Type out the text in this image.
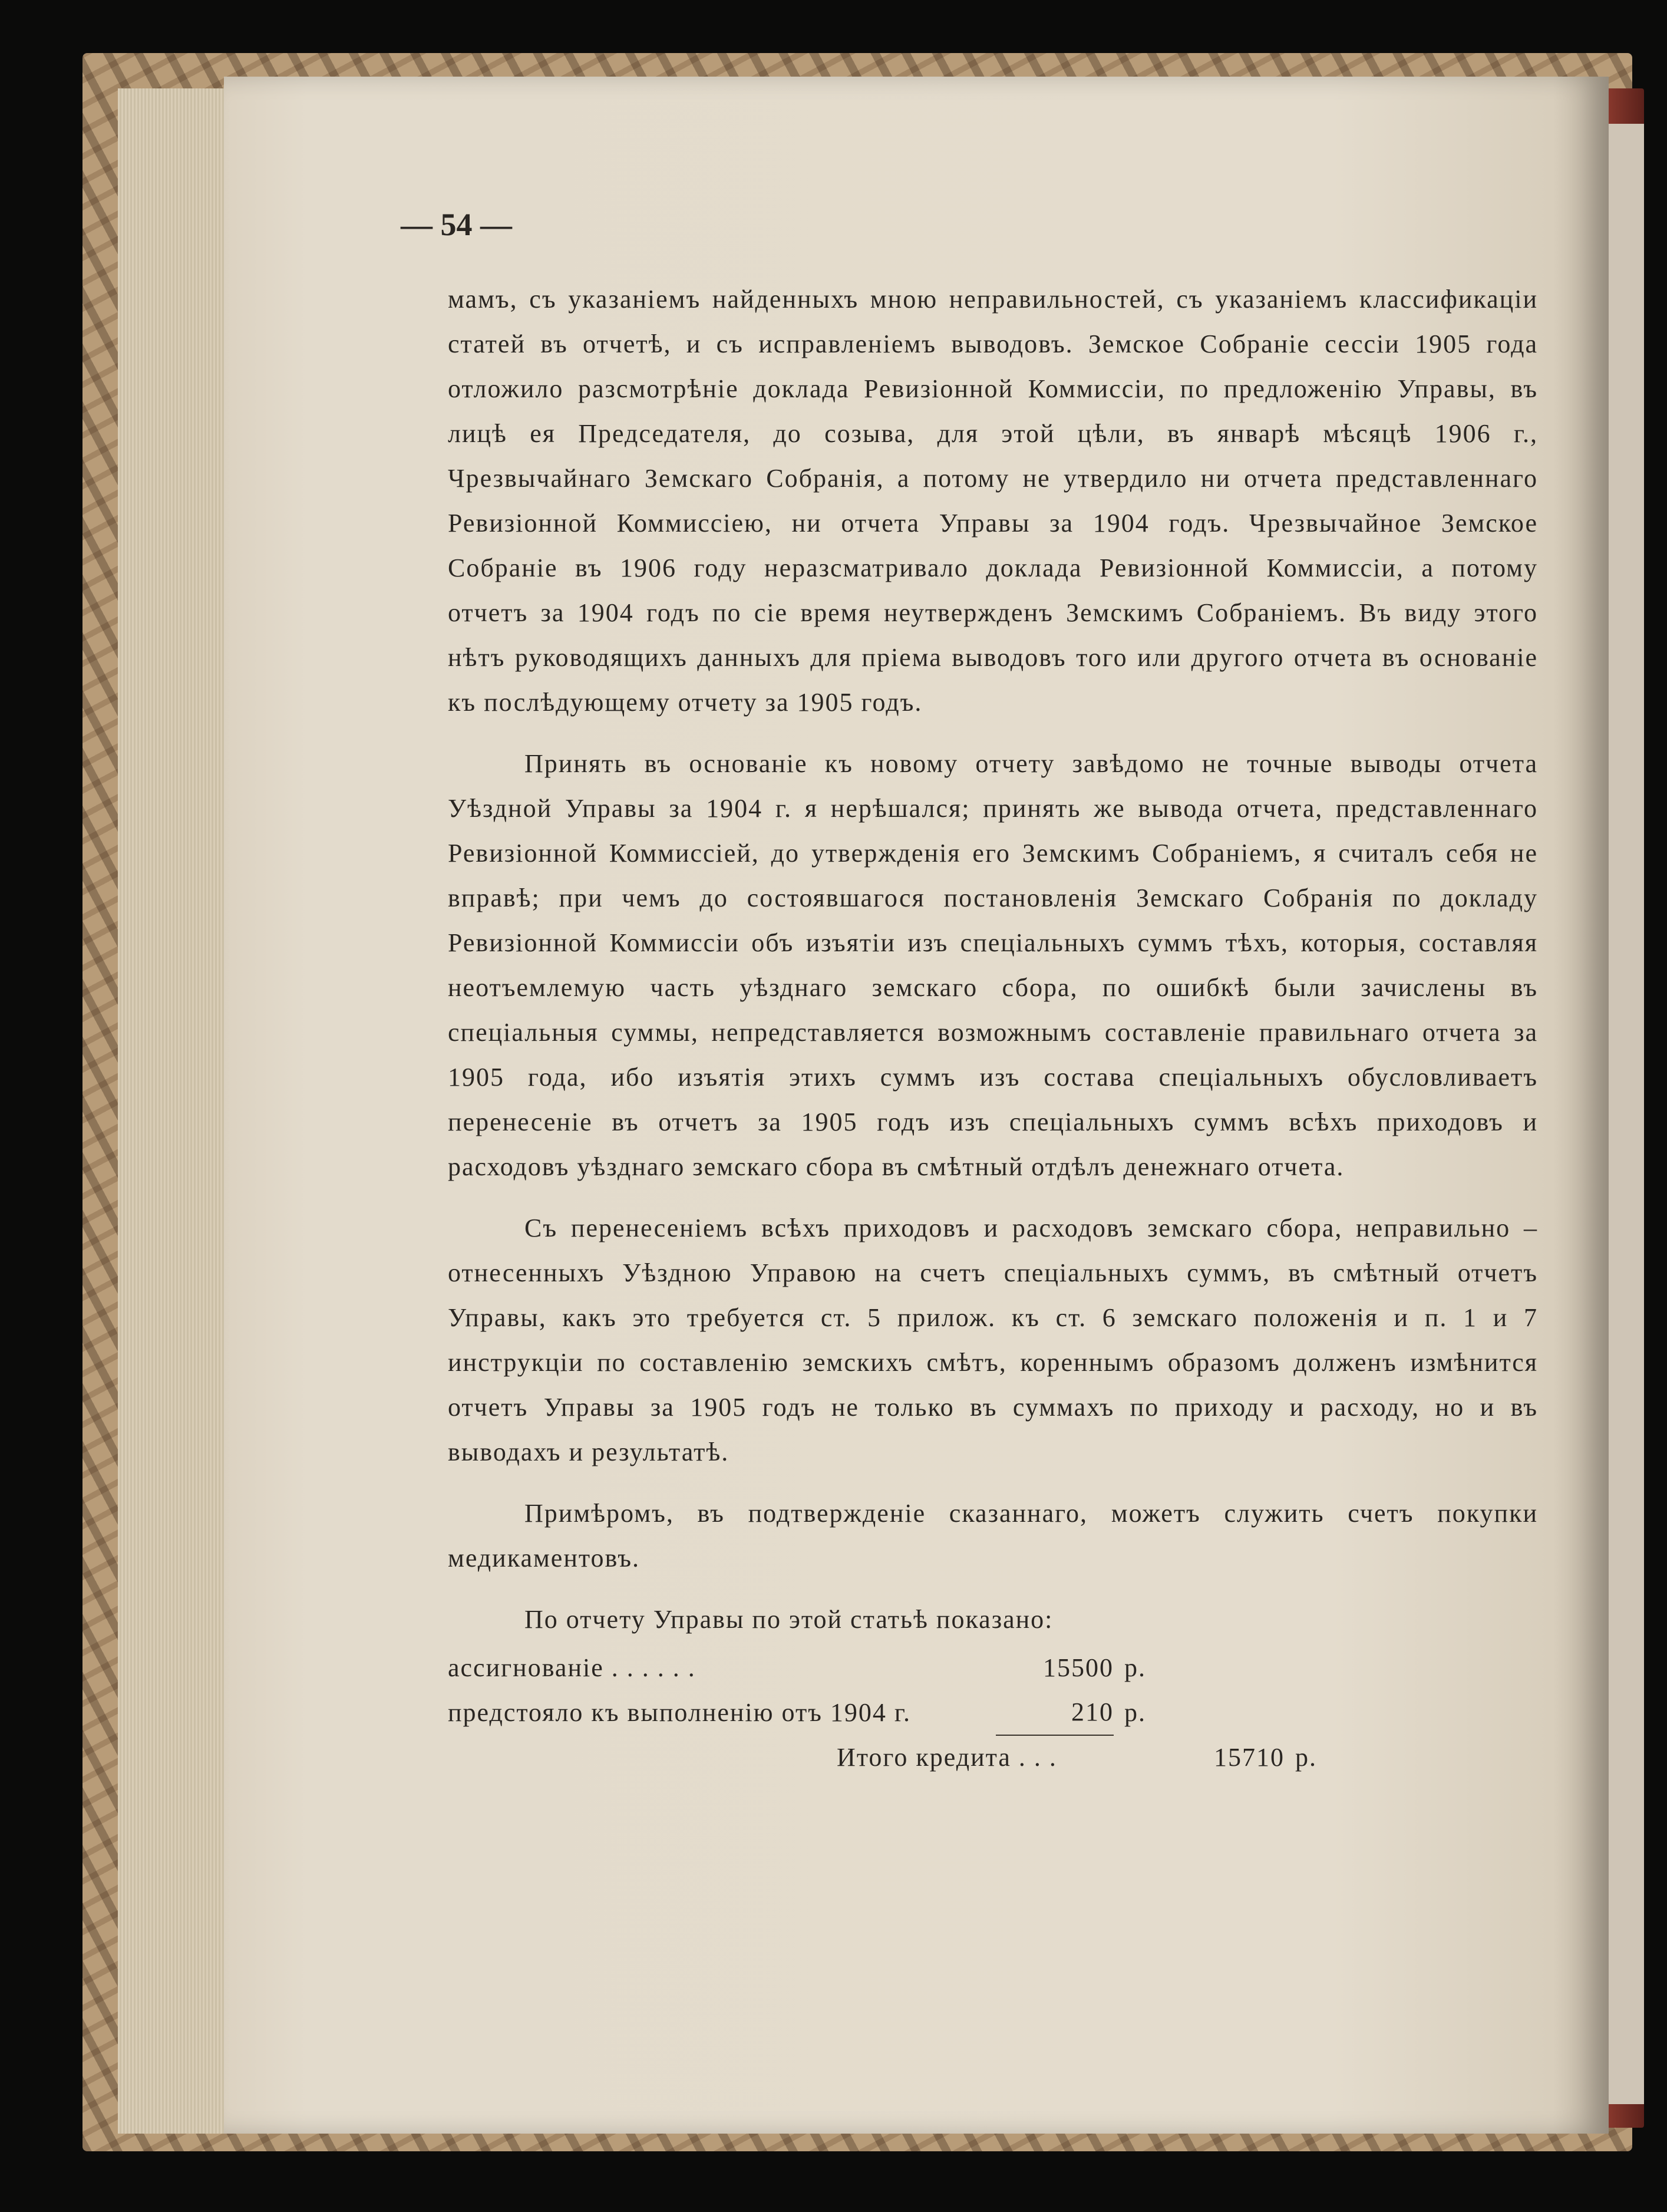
— 54 —

мамъ, съ указаніемъ найденныхъ мною неправильностей, съ указаніемъ классификаціи статей въ отчетѣ, и съ исправленіемъ выводовъ. Земское Собраніе сессіи 1905 года отложило разсмотрѣніе доклада Ревизіонной Коммиссіи, по предложенію Управы, въ лицѣ ея Председателя, до созыва, для этой цѣли, въ январѣ мѣсяцѣ 1906 г., Чрезвычайнаго Земскаго Собранія, а потому не утвердило ни отчета представленнаго Ревизіонной Коммиссіею, ни отчета Управы за 1904 годъ. Чрезвычайное Земское Собраніе въ 1906 году неразсматривало доклада Ревизіонной Коммиссіи, а потому отчетъ за 1904 годъ по сіе время неутвержденъ Земскимъ Собраніемъ. Въ виду этого нѣтъ руководящихъ данныхъ для пріема выводовъ того или другого отчета въ основаніе къ послѣдующему отчету за 1905 годъ.

Принять въ основаніе къ новому отчету завѣдомо не точные выводы отчета Уѣздной Управы за 1904 г. я нерѣшался; принять же вывода отчета, представленнаго Ревизіонной Коммиссіей, до утвержденія его Земскимъ Собраніемъ, я считалъ себя не вправѣ; при чемъ до состоявшагося постановленія Земскаго Собранія по докладу Ревизіонной Коммиссіи объ изъятіи изъ спеціальныхъ суммъ тѣхъ, которыя, составляя неотъемлемую часть уѣзднаго земскаго сбора, по ошибкѣ были зачислены въ спеціальныя суммы, непредставляется возможнымъ составленіе правильнаго отчета за 1905 года, ибо изъятія этихъ суммъ изъ состава спеціальныхъ обусловливаетъ перенесеніе въ отчетъ за 1905 годъ изъ спеціальныхъ суммъ всѣхъ приходовъ и расходовъ уѣзднаго земскаго сбора въ смѣтный отдѣлъ денежнаго отчета.

Съ перенесеніемъ всѣхъ приходовъ и расходовъ земскаго сбора, неправильно – отнесенныхъ Уѣздною Управою на счетъ спеціальныхъ суммъ, въ смѣтный отчетъ Управы, какъ это требуется ст. 5 прилож. къ ст. 6 земскаго положенія и п. 1 и 7 инструкціи по составленію земскихъ смѣтъ, кореннымъ образомъ долженъ измѣнится отчетъ Управы за 1905 годъ не только въ суммахъ по приходу и расходу, но и въ выводахъ и результатѣ.

Примѣромъ, въ подтвержденіе сказаннаго, можетъ служить счетъ покупки медикаментовъ.

По отчету Управы по этой статьѣ показано:

ассигнованіе . . . . . .	15500 р.
предстояло къ выполненію отъ 1904 г.	210 р.
Итого кредита . . .	15710 р.
